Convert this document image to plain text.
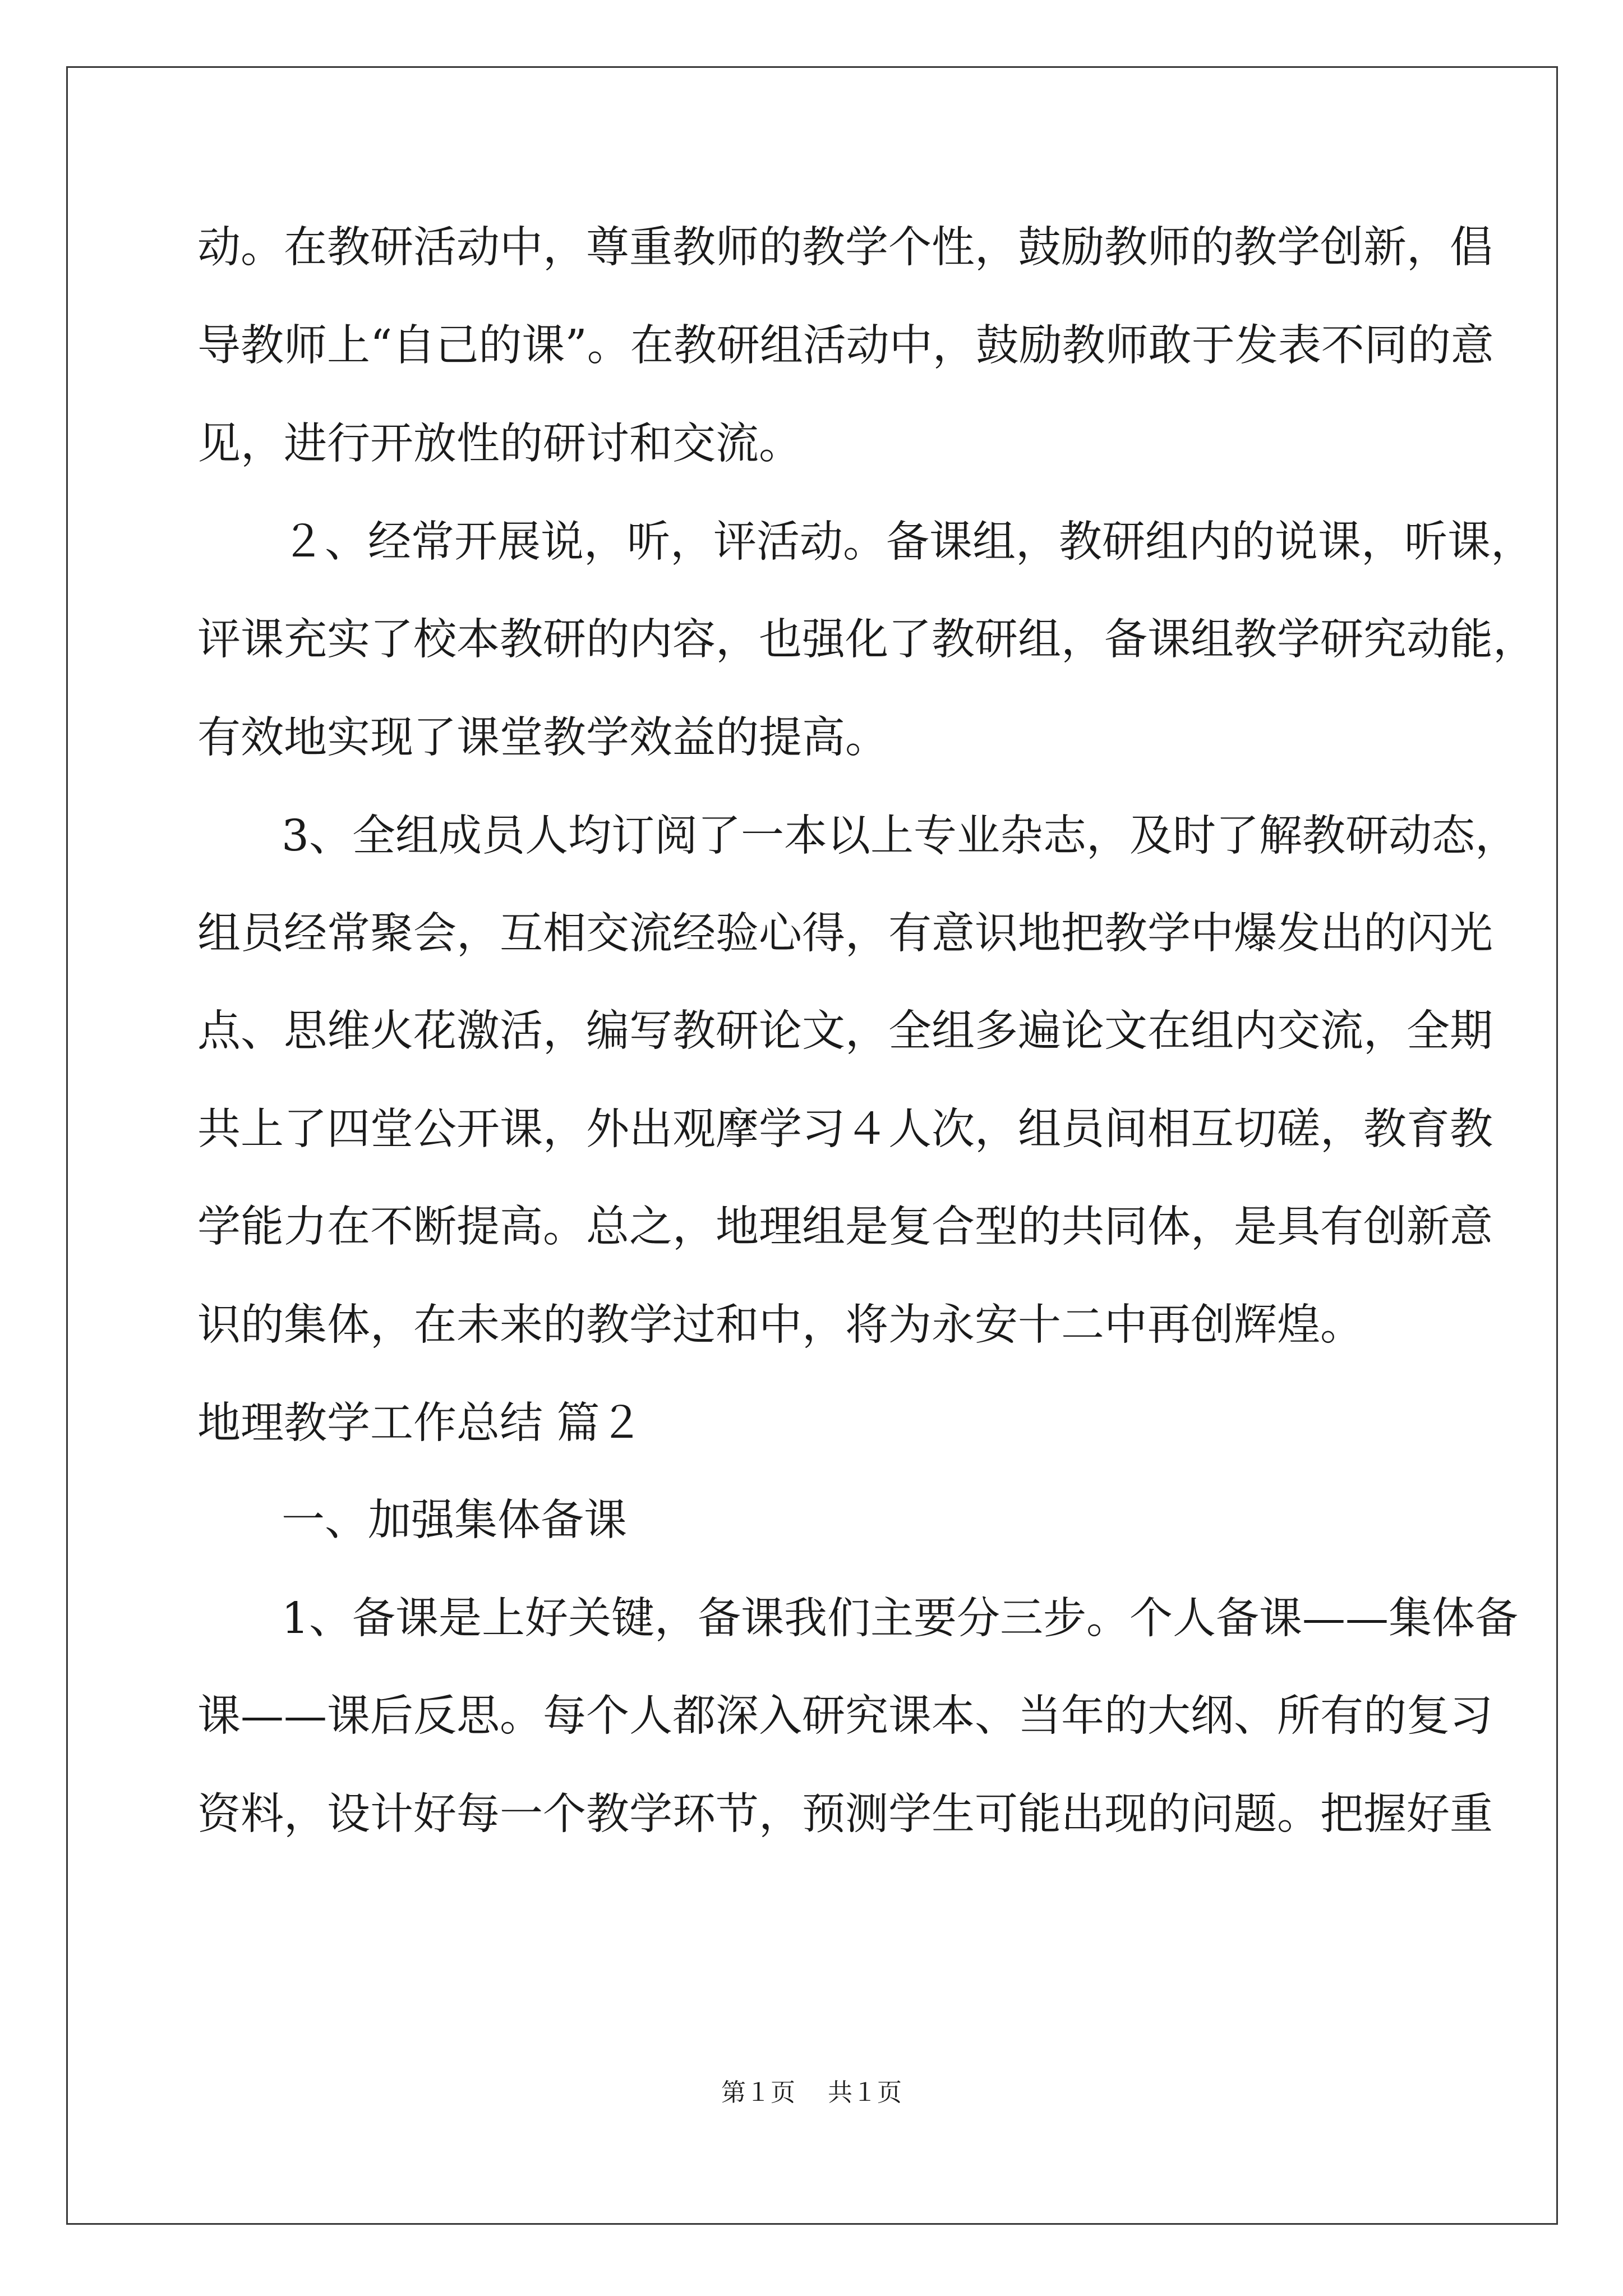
动。在教研活动中，尊重教师的教学个性，鼓励教师的教学创新，倡
导教师上“自己的课”。在教研组活动中，鼓励教师敢于发表不同的意
见，进行开放性的研讨和交流。
２、经常开展说，听，评活动。备课组，教研组内的说课，听课，
评课充实了校本教研的内容，也强化了教研组，备课组教学研究动能，
有效地实现了课堂教学效益的提高。
3、全组成员人均订阅了一本以上专业杂志，及时了解教研动态，
组员经常聚会，互相交流经验心得，有意识地把教学中爆发出的闪光
点、思维火花激活，编写教研论文，全组多遍论文在组内交流，全期
共上了四堂公开课，外出观摩学习４人次，组员间相互切磋，教育教
学能力在不断提高。总之，地理组是复合型的共同体，是具有创新意
识的集体，在未来的教学过和中，将为永安十二中再创辉煌。
地理教学工作总结 篇２
一、加强集体备课
1、备课是上好关键，备课我们主要分三步。个人备课——集体备
课——课后反思。每个人都深入研究课本、当年的大纲、所有的复习
资料，设计好每一个教学环节，预测学生可能出现的问题。把握好重
第１页 共１页
